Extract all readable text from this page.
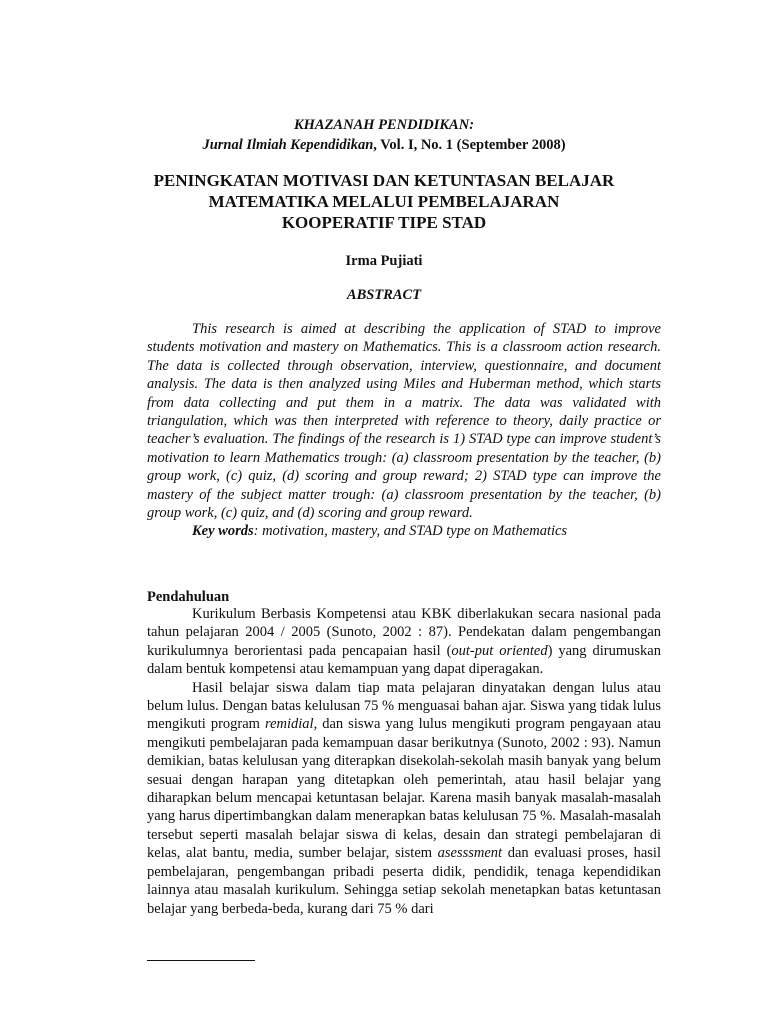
KHAZANAH PENDIDIKAN:
Jurnal Ilmiah Kependidikan, Vol. I, No. 1 (September 2008)
PENINGKATAN MOTIVASI DAN KETUNTASAN BELAJAR
MATEMATIKA MELALUI PEMBELAJARAN
KOOPERATIF TIPE STAD
Irma Pujiati
ABSTRACT

This research is aimed at describing the application of STAD to improve students motivation and mastery on Mathematics. This is a classroom action research. The data is collected through observation, interview, questionnaire, and document analysis. The data is then analyzed using Miles and Huberman method, which starts from data collecting and put them in a matrix. The data was validated with triangulation, which was then interpreted with reference to theory, daily practice or teacher’s evaluation. The findings of the research is 1) STAD type can improve student’s motivation to learn Mathematics trough: (a) classroom presentation by the teacher, (b) group work, (c) quiz, (d) scoring and group reward; 2) STAD type can improve the mastery of the subject matter trough: (a) classroom presentation by the teacher, (b) group work, (c) quiz, and (d) scoring and group reward.

Key words: motivation, mastery, and STAD type on Mathematics

Pendahuluan

Kurikulum Berbasis Kompetensi atau KBK diberlakukan secara nasional pada tahun pelajaran 2004 / 2005 (Sunoto, 2002 : 87). Pendekatan dalam pengembangan kurikulumnya berorientasi pada pencapaian hasil (out-put oriented) yang dirumuskan dalam bentuk kompetensi atau kemampuan yang dapat diperagakan.

Hasil belajar siswa dalam tiap mata pelajaran dinyatakan dengan lulus atau belum lulus. Dengan batas kelulusan 75 % menguasai bahan ajar. Siswa yang tidak lulus mengikuti program remidial, dan siswa yang lulus mengikuti program pengayaan atau mengikuti pembelajaran pada kemampuan dasar berikutnya (Sunoto, 2002 : 93). Namun demikian, batas kelulusan yang diterapkan disekolah-sekolah masih banyak yang belum sesuai dengan harapan yang ditetapkan oleh pemerintah, atau hasil belajar yang diharapkan belum mencapai ketuntasan belajar. Karena masih banyak masalah-masalah yang harus dipertimbangkan dalam menerapkan batas kelulusan 75 %. Masalah-masalah tersebut seperti masalah belajar siswa di kelas, desain dan strategi pembelajaran di kelas, alat bantu, media, sumber belajar, sistem asesssment dan evaluasi proses, hasil pembelajaran, pengembangan pribadi peserta didik, pendidik, tenaga kependidikan lainnya atau masalah kurikulum. Sehingga setiap sekolah menetapkan batas ketuntasan belajar yang berbeda-beda, kurang dari 75 % dari
